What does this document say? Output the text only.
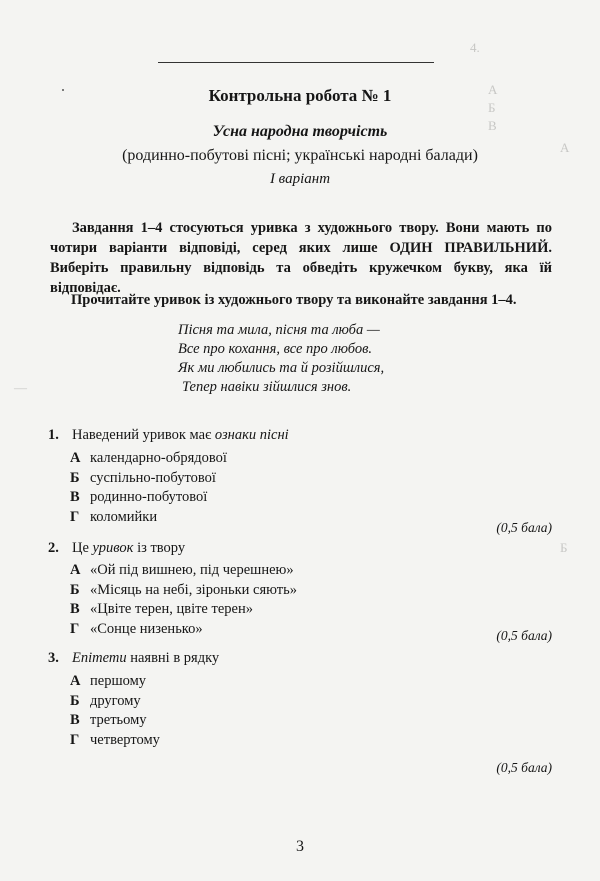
4.
А
Б
В
А
—
Б
Контрольна робота № 1
Усна народна творчість
(родинно-побутові пісні; українські народні балади)
І варіант
Завдання 1–4 стосуються уривка з художнього твору. Вони мають по чотири варіанти відповіді, серед яких лише ОДИН ПРАВИЛЬНИЙ. Виберіть правильну відповідь та обведіть кружечком букву, яка їй відповідає.
Прочитайте уривок із художнього твору та виконайте завдання 1–4.
Пісня та мила, пісня та люба —
Все про кохання, все про любов.
Як ми любились та й розійшлися,
Тепер навіки зійшлися знов.
1. Наведений уривок має ознаки пісні
А календарно-обрядової
Б суспільно-побутової
В родинно-побутової
Г коломийки
(0,5 бала)
2. Це уривок із твору
А «Ой під вишнею, під черешнею»
Б «Місяць на небі, зіроньки сяють»
В «Цвіте терен, цвіте терен»
Г «Сонце низенько»	(0,5 бала)
3. Епітети наявні в рядку
А першому
Б другому
В третьому
Г четвертому
(0,5 бала)
3
